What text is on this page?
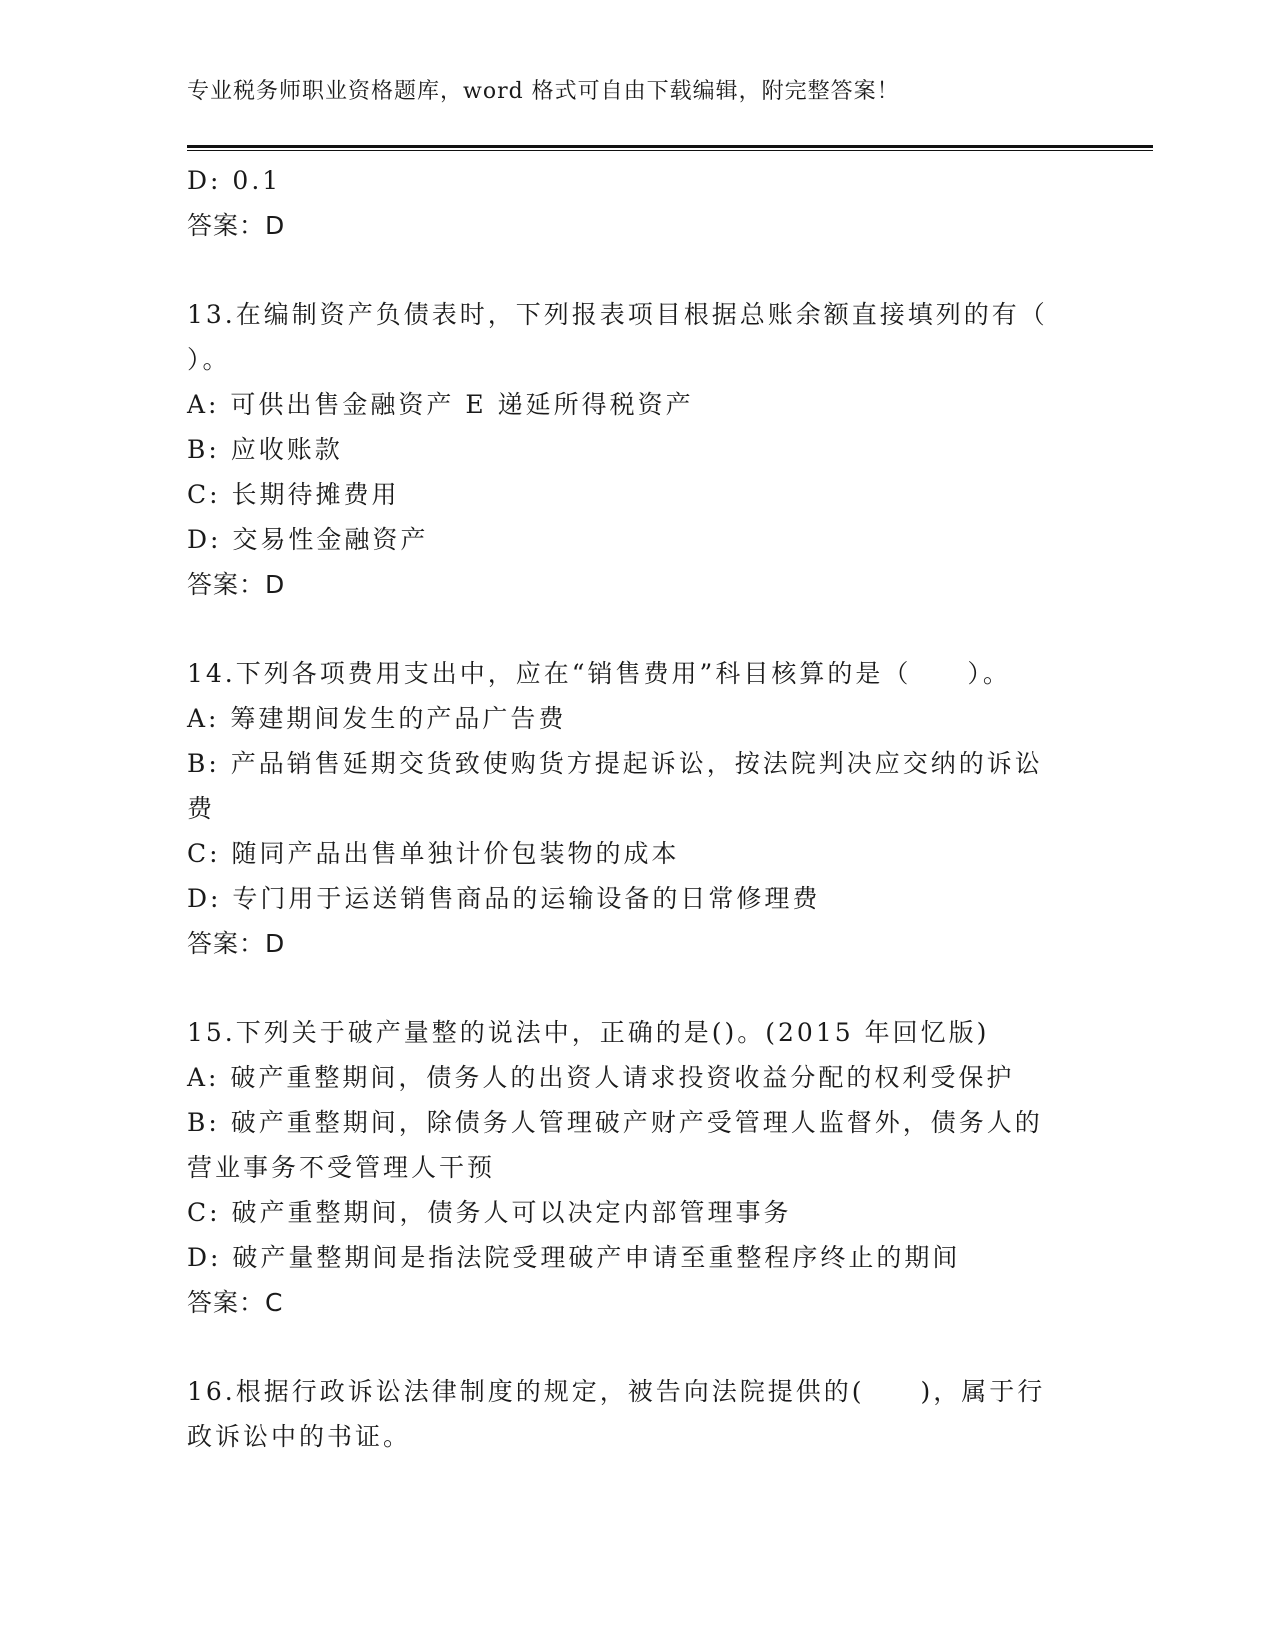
专业税务师职业资格题库，word 格式可自由下载编辑，附完整答案！
D: 0.1
答案：D
13.在编制资产负债表时，下列报表项目根据总账余额直接填列的有（
）。
A: 可供出售金融资产 E 递延所得税资产
B: 应收账款
C: 长期待摊费用
D: 交易性金融资产
答案：D
14.下列各项费用支出中，应在“销售费用”科目核算的是（　　）。
A: 筹建期间发生的产品广告费
B: 产品销售延期交货致使购货方提起诉讼，按法院判决应交纳的诉讼
费
C: 随同产品出售单独计价包装物的成本
D: 专门用于运送销售商品的运输设备的日常修理费
答案：D
15.下列关于破产量整的说法中，正确的是()。(2015 年回忆版)
A: 破产重整期间，债务人的出资人请求投资收益分配的权利受保护
B: 破产重整期间，除债务人管理破产财产受管理人监督外，债务人的
营业事务不受管理人干预
C: 破产重整期间，债务人可以决定内部管理事务
D: 破产量整期间是指法院受理破产申请至重整程序终止的期间
答案：C
16.根据行政诉讼法律制度的规定，被告向法院提供的(　　)，属于行
政诉讼中的书证。
